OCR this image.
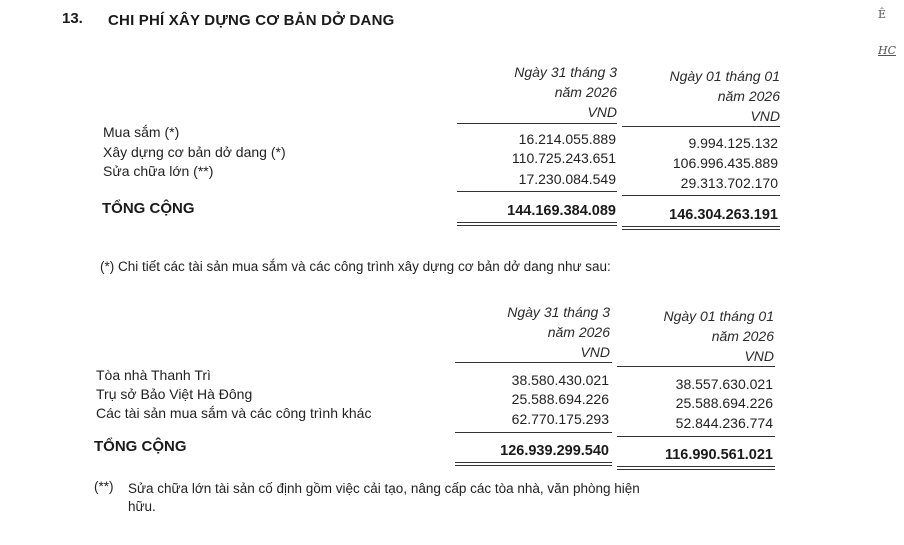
13. CHI PHÍ XÂY DỰNG CƠ BẢN DỞ DANG	Ê
HC
Ngày 31 tháng 3
năm 2026
VND
Ngày 01 tháng 01
năm 2026
VND
Mua sắm (*)	16.214.055.889	9.994.125.132
Xây dựng cơ bản dở dang (*)	110.725.243.651	106.996.435.889
Sửa chữa lớn (**)	17.230.084.549	29.313.702.170
TỔNG CỘNG	144.169.384.089	146.304.263.191
(*) Chi tiết các tài sản mua sắm và các công trình xây dựng cơ bản dở dang như sau:
Ngày 31 tháng 3
năm 2026
VND
Ngày 01 tháng 01
năm 2026
VND
Tòa nhà Thanh Trì	38.580.430.021	38.557.630.021
Trụ sở Bảo Việt Hà Đông	25.588.694.226	25.588.694.226
Các tài sản mua sắm và các công trình khác	62.770.175.293	52.844.236.774
TỔNG CỘNG	126.939.299.540	116.990.561.021
(**) Sửa chữa lớn tài sản cố định gồm việc cải tạo, nâng cấp các tòa nhà, văn phòng hiện
hữu.
